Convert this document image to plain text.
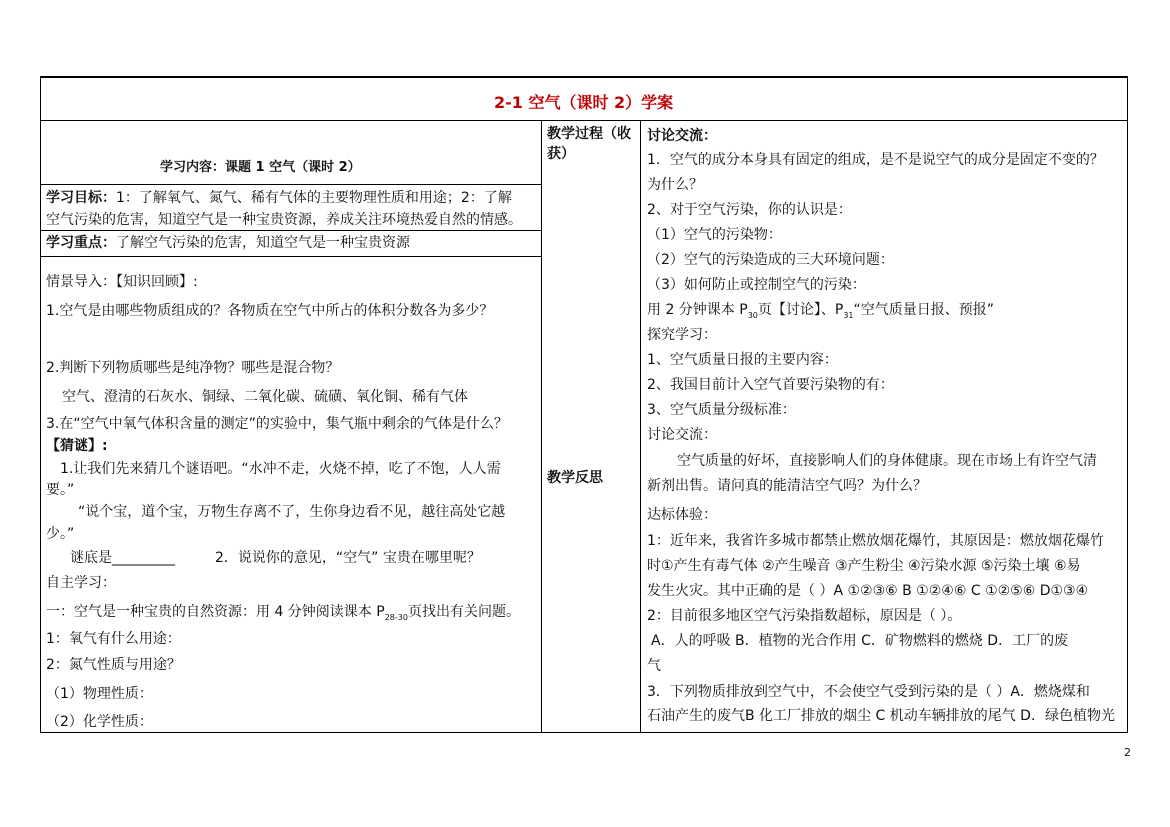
2-1 空气（课时 2）学案
学习内容：课题 1 空气（课时 2）
学习目标：1：了解氧气、氮气、稀有气体的主要物理性质和用途；2：了解
空气污染的危害，知道空气是一种宝贵资源，养成关注环境热爱自然的情感。
学习重点：了解空气污染的危害，知道空气是一种宝贵资源
情景导入：【知识回顾】:
1.空气是由哪些物质组成的？各物质在空气中所占的体积分数各为多少？
2.判断下列物质哪些是纯净物？哪些是混合物？
空气、澄清的石灰水、铜绿、二氧化碳、硫磺、氧化铜、稀有气体
3.在“空气中氧气体积含量的测定”的实验中，集气瓶中剩余的气体是什么？
【猜谜】:
1.让我们先来猜几个谜语吧。“水冲不走，火烧不掉，吃了不饱，人人需
要。”
“说个宝，道个宝，万物生存离不了，生你身边看不见，越往高处它越
少。”
谜底是_________	2．说说你的意见，“空气” 宝贵在哪里呢？
自主学习：
一：空气是一种宝贵的自然资源：用 4 分钟阅读课本 $P_{28-30}$页找出有关问题。
1：氧气有什么用途：
2：氮气性质与用途？
（1）物理性质：
（2）化学性质：
教学过程（收
获）
教学反思
讨论交流：
1．空气的成分本身具有固定的组成，是不是说空气的成分是固定不变的？
为什么？
2、对于空气污染，你的认识是：
（1）空气的污染物：
（2）空气的污染造成的三大环境问题：
（3）如何防止或控制空气的污染：
用 2 分钟课本 $P_{30}$页【讨论】、$P_{31}“$空气质量日报、预报”
探究学习：
1、空气质量日报的主要内容：
2、我国目前计入空气首要污染物的有：
3、空气质量分级标准：
讨论交流：
空气质量的好坏，直接影响人们的身体健康。现在市场上有许空气清
新剂出售。请问真的能清洁空气吗？为什么？
达标体验：
1：近年来，我省许多城市都禁止燃放烟花爆竹，其原因是：燃放烟花爆竹
时①产生有毒气体 ②产生噪音 ③产生粉尘 ④污染水源 ⑤污染土壤 ⑥易
发生火灾。其中正确的是（ ）A ①②③⑥ B ①②④⑥ C ①②⑤⑥ D①③④
2：目前很多地区空气污染指数超标，原因是（ ）。
A．人的呼吸 B．植物的光合作用 C．矿物燃料的燃烧 D．工厂的废
气
3．下列物质排放到空气中，不会使空气受到污染的是（ ）A．燃烧煤和
石油产生的废气B 化工厂排放的烟尘 C 机动车辆排放的尾气 D．绿色植物光
2
